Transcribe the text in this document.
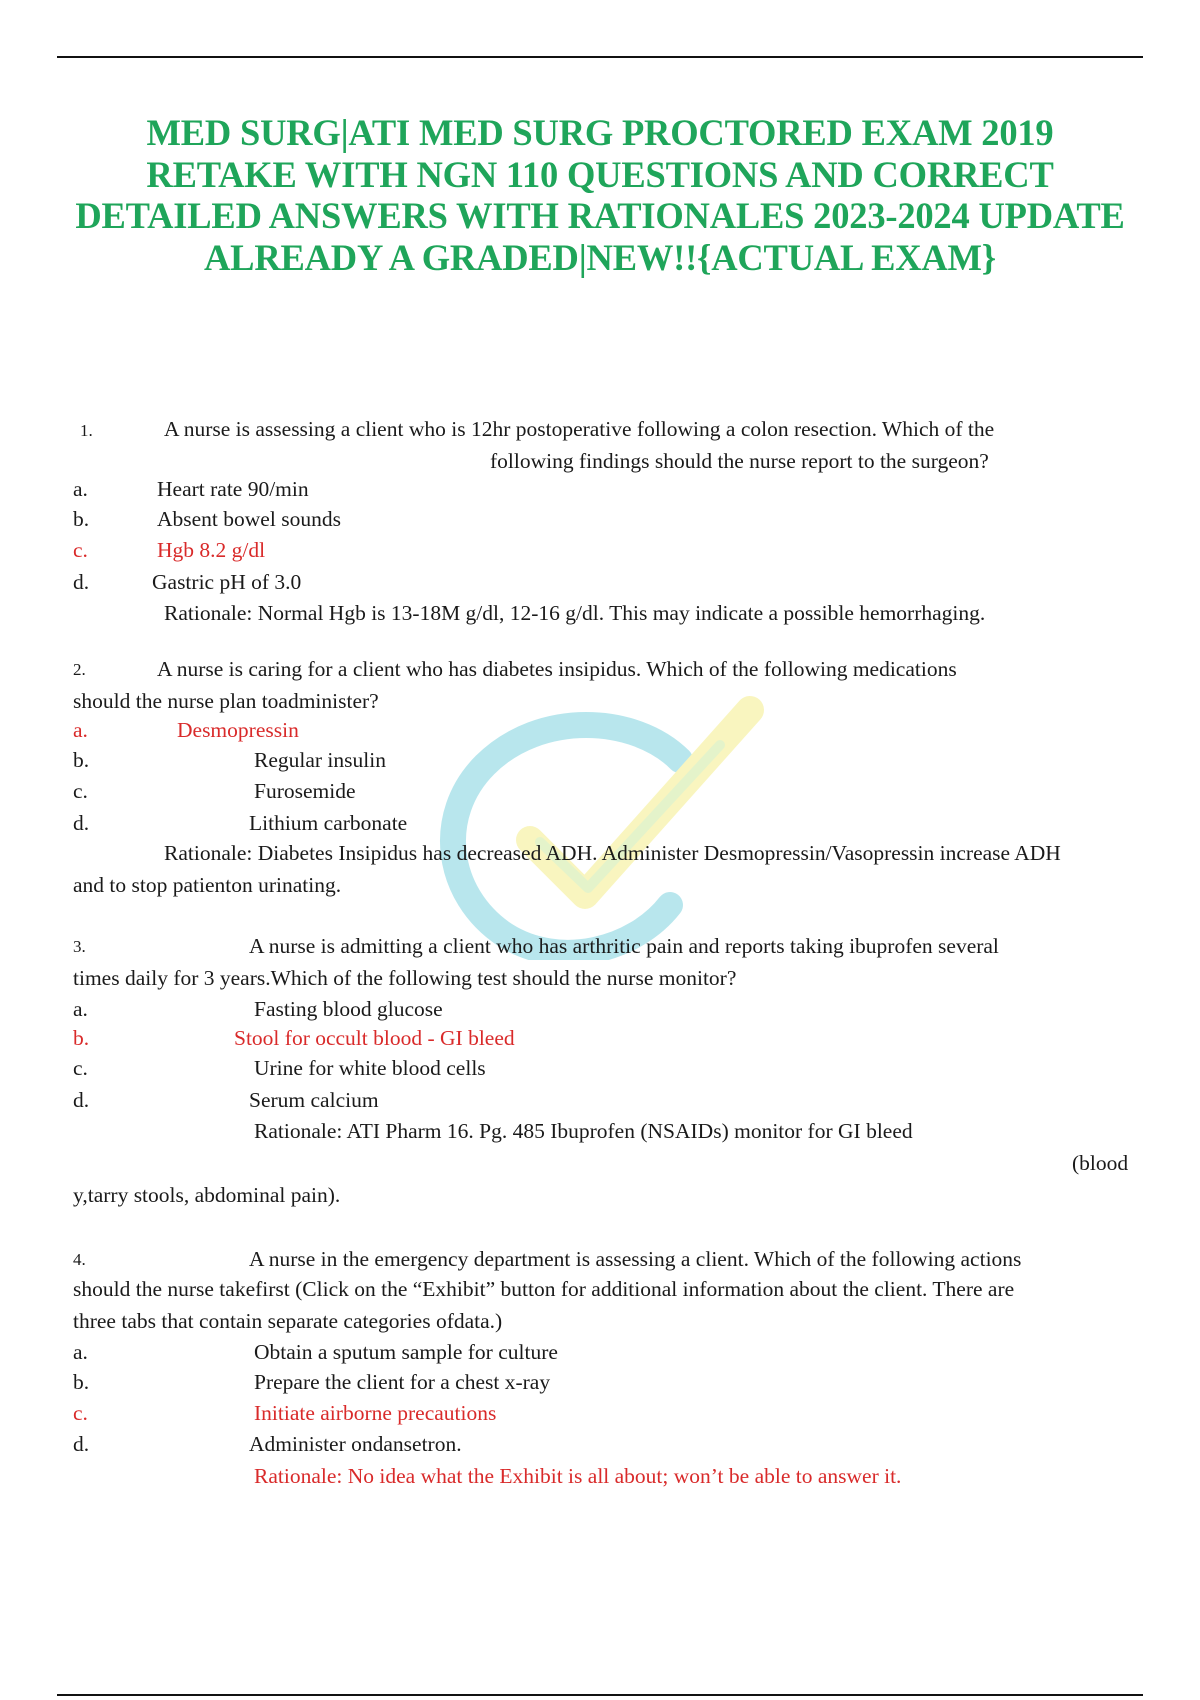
MED SURG|ATI MED SURG PROCTORED EXAM 2019 RETAKE WITH NGN 110 QUESTIONS AND CORRECT DETAILED ANSWERS WITH RATIONALES 2023-2024 UPDATE ALREADY A GRADED|NEW!!{ACTUAL EXAM}
1.	A nurse is assessing a client who is 12hr postoperative following a colon resection. Which of the
following findings should the nurse report to the surgeon?
a.	Heart rate 90/min
b.	Absent bowel sounds
c.	Hgb 8.2 g/dl
d.	Gastric pH of 3.0
Rationale: Normal Hgb is 13-18M g/dl, 12-16 g/dl. This may indicate a possible hemorrhaging.
2.	A nurse is caring for a client who has diabetes insipidus. Which of the following medications
should the nurse plan toadminister?
a.	Desmopressin
b.	Regular insulin
c.	Furosemide
d.	Lithium carbonate
Rationale: Diabetes Insipidus has decreased ADH. Administer Desmopressin/Vasopressin increase ADH
and to stop patienton urinating.
3.	A nurse is admitting a client who has arthritic pain and reports taking ibuprofen several
times daily for 3 years.Which of the following test should the nurse monitor?
a.	Fasting blood glucose
b.	Stool for occult blood - GI bleed
c.	Urine for white blood cells
d.	Serum calcium
Rationale: ATI Pharm 16. Pg. 485 Ibuprofen (NSAIDs) monitor for GI bleed
(blood
y,tarry stools, abdominal pain).
4.	A nurse in the emergency department is assessing a client. Which of the following actions
should the nurse takefirst (Click on the “Exhibit” button for additional information about the client. There are
three tabs that contain separate categories ofdata.)
a.	Obtain a sputum sample for culture
b.	Prepare the client for a chest x-ray
c.	Initiate airborne precautions
d.	Administer ondansetron.
Rationale: No idea what the Exhibit is all about; won’t be able to answer it.
